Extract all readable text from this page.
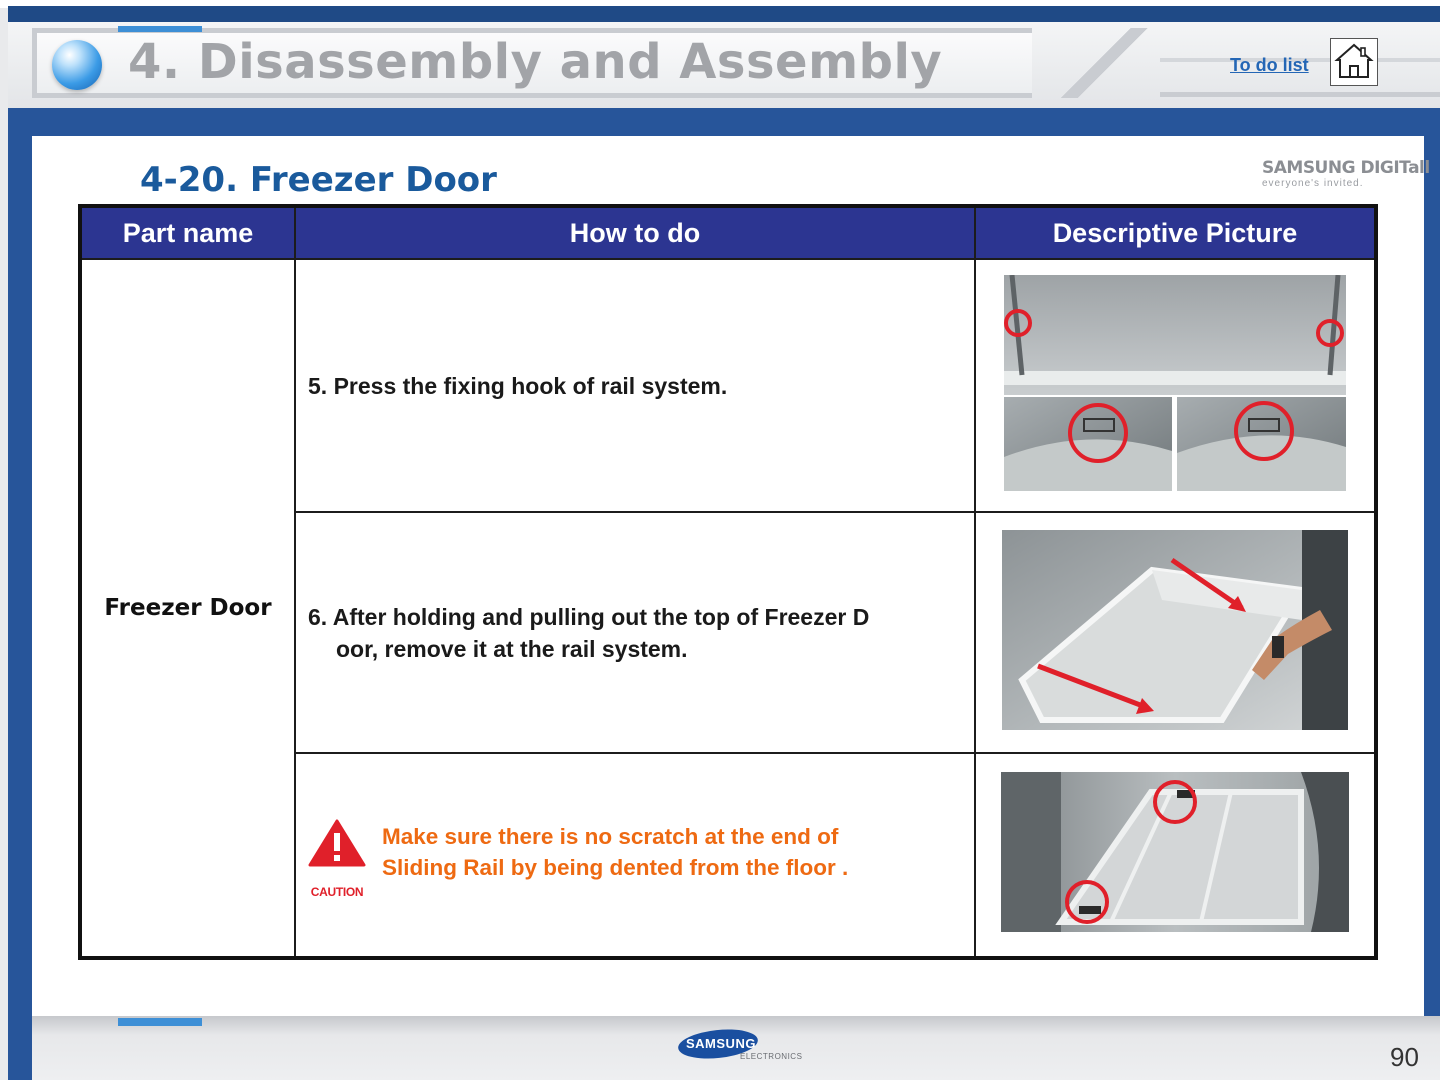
4. Disassembly and Assembly	To do list
4-20. Freezer Door	SAMSUNG DIGITall
everyone's invited.
Part name	How to do	Descriptive Picture
Freezer Door	5. Press the fixing hook of rail system.	
	6. After holding and pulling out the top of Freezer D
oor, remove it at the rail system.

	CAUTION
Make sure there is no scratch at the end of
Sliding Rail by being dented from the floor .

SAMSUNG
ELECTRONICS	90
